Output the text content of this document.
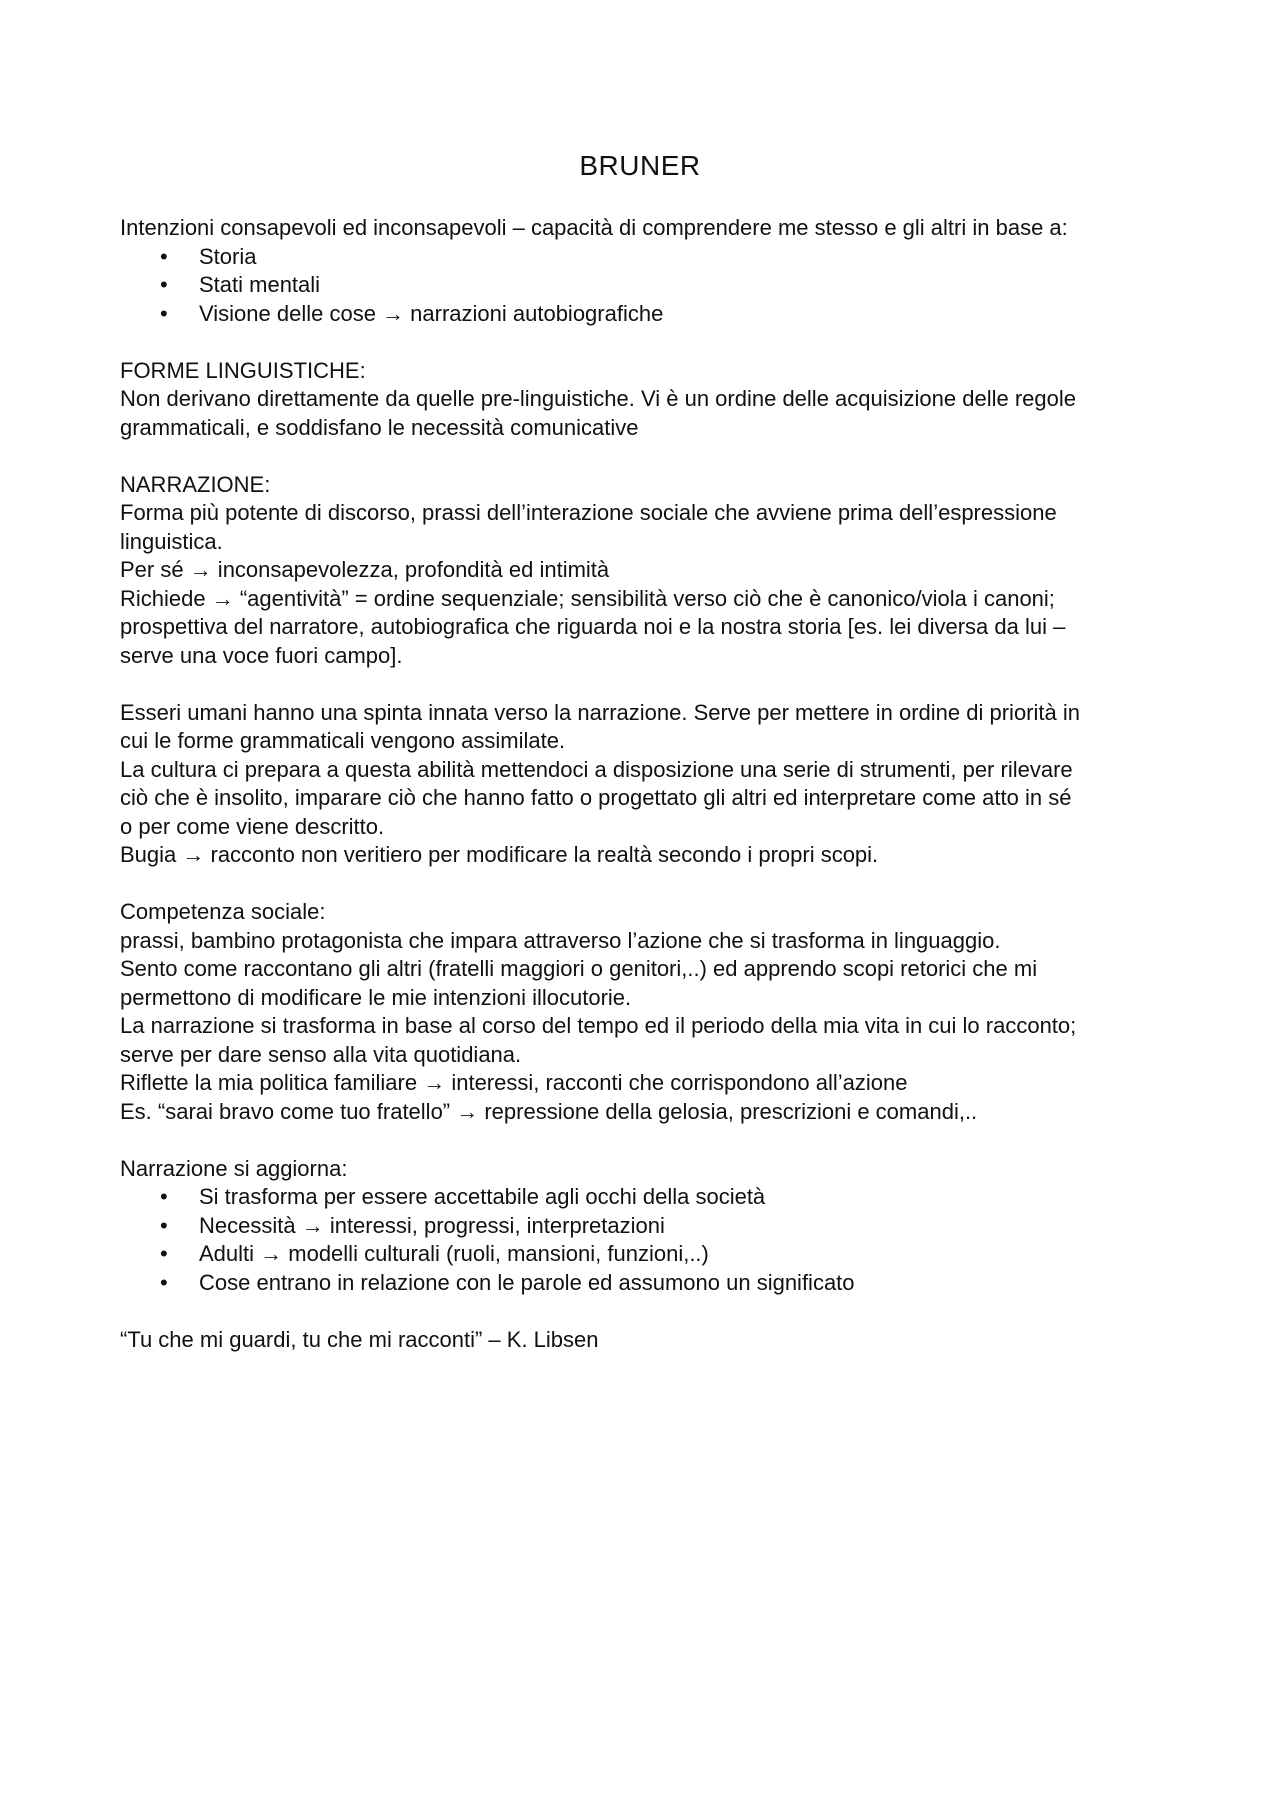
BRUNER

Intenzioni consapevoli ed inconsapevoli – capacità di comprendere me stesso e gli altri in base a:

• Storia
• Stati mentali
• Visione delle cose → narrazioni autobiografiche

FORME LINGUISTICHE:

Non derivano direttamente da quelle pre-linguistiche. Vi è un ordine delle acquisizione delle regole

grammaticali, e soddisfano le necessità comunicative

NARRAZIONE:

Forma più potente di discorso, prassi dell’interazione sociale che avviene prima dell’espressione

linguistica.

Per sé → inconsapevolezza, profondità ed intimità

Richiede → “agentività” = ordine sequenziale; sensibilità verso ciò che è canonico/viola i canoni;

prospettiva del narratore, autobiografica che riguarda noi e la nostra storia [es. lei diversa da lui –

serve una voce fuori campo].

Esseri umani hanno una spinta innata verso la narrazione. Serve per mettere in ordine di priorità in

cui le forme grammaticali vengono assimilate.

La cultura ci prepara a questa abilità mettendoci a disposizione una serie di strumenti, per rilevare

ciò che è insolito, imparare ciò che hanno fatto o progettato gli altri ed interpretare come atto in sé

o per come viene descritto.

Bugia → racconto non veritiero per modificare la realtà secondo i propri scopi.

Competenza sociale:

prassi, bambino protagonista che impara attraverso l’azione che si trasforma in linguaggio.

Sento come raccontano gli altri (fratelli maggiori o genitori,..) ed apprendo scopi retorici che mi

permettono di modificare le mie intenzioni illocutorie.

La narrazione si trasforma in base al corso del tempo ed il periodo della mia vita in cui lo racconto;

serve per dare senso alla vita quotidiana.

Riflette la mia politica familiare → interessi, racconti che corrispondono all’azione

Es. “sarai bravo come tuo fratello” → repressione della gelosia, prescrizioni e comandi,..

Narrazione si aggiorna:

• Si trasforma per essere accettabile agli occhi della società
• Necessità → interessi, progressi, interpretazioni
• Adulti → modelli culturali (ruoli, mansioni, funzioni,..)
• Cose entrano in relazione con le parole ed assumono un significato

“Tu che mi guardi, tu che mi racconti” – K. Libsen
